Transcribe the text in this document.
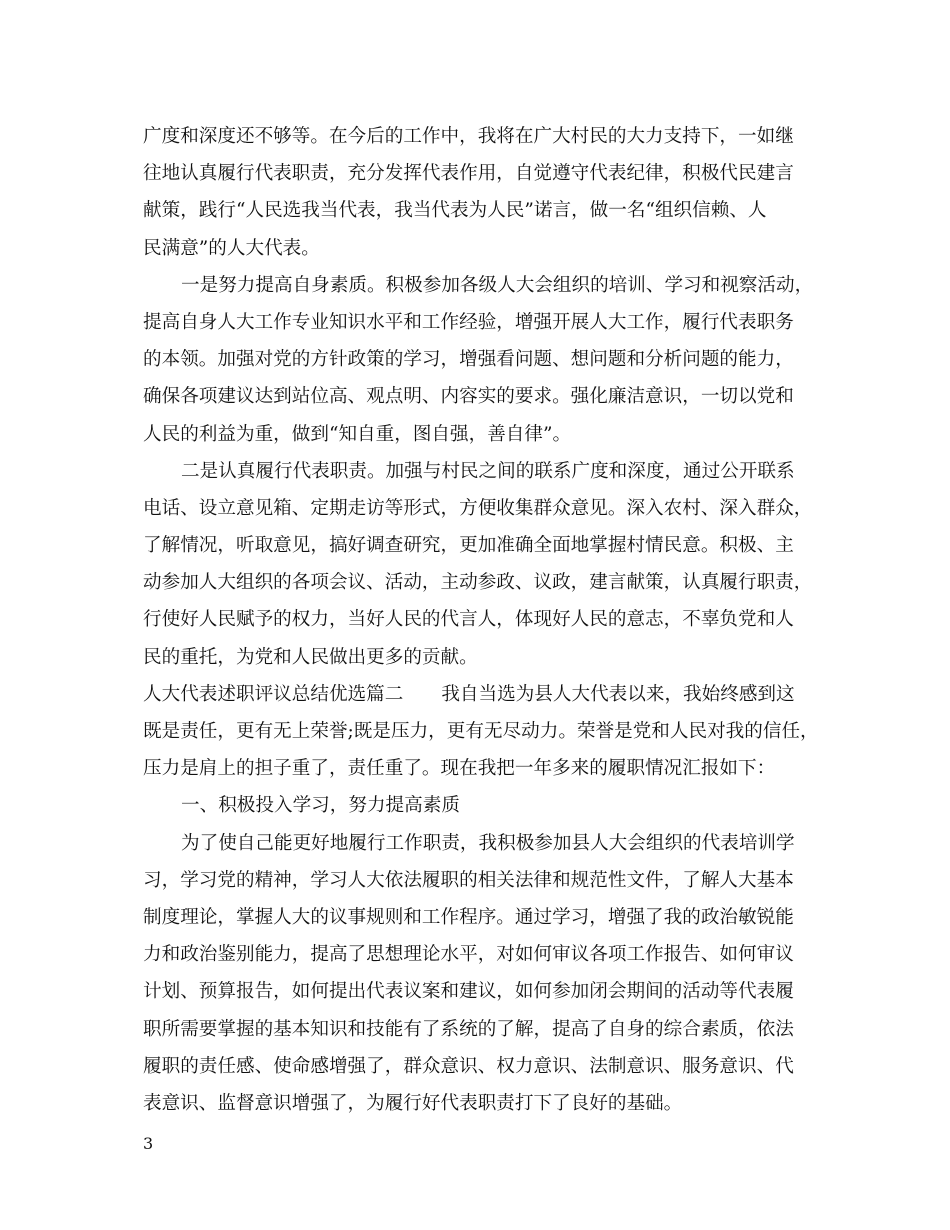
广度和深度还不够等。在今后的工作中，我将在广大村民的大力支持下，一如继
往地认真履行代表职责，充分发挥代表作用，自觉遵守代表纪律，积极代民建言
献策，践行“人民选我当代表，我当代表为人民”诺言，做一名“组织信赖、人
民满意”的人大代表。
一是努力提高自身素质。积极参加各级人大会组织的培训、学习和视察活动，
提高自身人大工作专业知识水平和工作经验，增强开展人大工作，履行代表职务
的本领。加强对党的方针政策的学习，增强看问题、想问题和分析问题的能力，
确保各项建议达到站位高、观点明、内容实的要求。强化廉洁意识，一切以党和
人民的利益为重，做到“知自重，图自强，善自律”。
二是认真履行代表职责。加强与村民之间的联系广度和深度，通过公开联系
电话、设立意见箱、定期走访等形式，方便收集群众意见。深入农村、深入群众，
了解情况，听取意见，搞好调查研究，更加准确全面地掌握村情民意。积极、主
动参加人大组织的各项会议、活动，主动参政、议政，建言献策，认真履行职责，
行使好人民赋予的权力，当好人民的代言人，体现好人民的意志，不辜负党和人
民的重托，为党和人民做出更多的贡献。
人大代表述职评议总结优选篇二 我自当选为县人大代表以来，我始终感到这
既是责任，更有无上荣誉;既是压力，更有无尽动力。荣誉是党和人民对我的信任，
压力是肩上的担子重了，责任重了。现在我把一年多来的履职情况汇报如下：
一、积极投入学习，努力提高素质
为了使自己能更好地履行工作职责，我积极参加县人大会组织的代表培训学
习，学习党的精神，学习人大依法履职的相关法律和规范性文件，了解人大基本
制度理论，掌握人大的议事规则和工作程序。通过学习，增强了我的政治敏锐能
力和政治鉴别能力，提高了思想理论水平，对如何审议各项工作报告、如何审议
计划、预算报告，如何提出代表议案和建议，如何参加闭会期间的活动等代表履
职所需要掌握的基本知识和技能有了系统的了解，提高了自身的综合素质，依法
履职的责任感、使命感增强了，群众意识、权力意识、法制意识、服务意识、代
表意识、监督意识增强了，为履行好代表职责打下了良好的基础。
3
